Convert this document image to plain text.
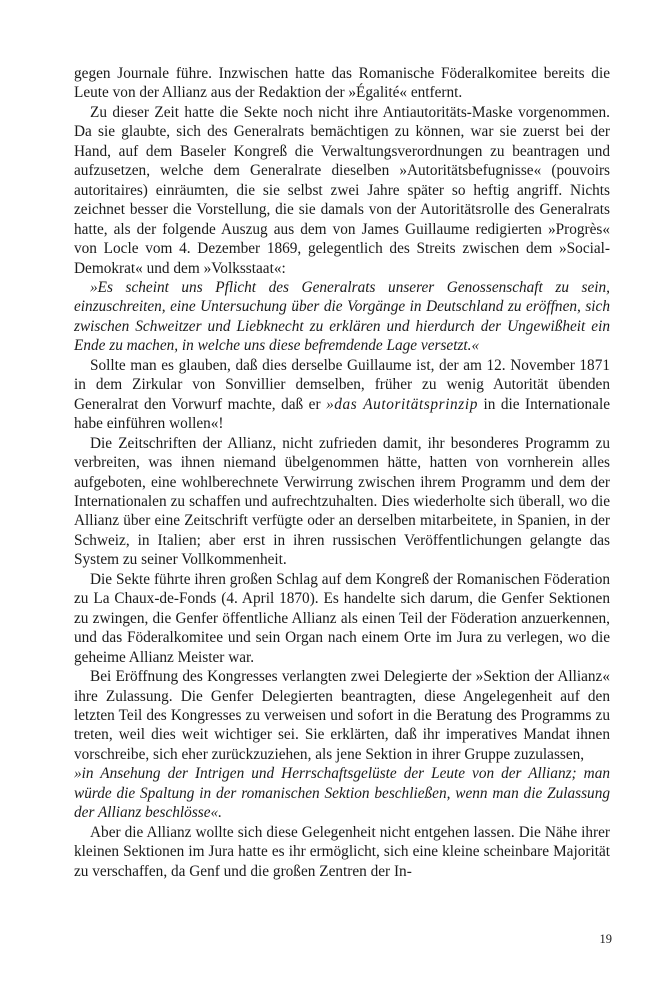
gegen Journale führe. Inzwischen hatte das Romanische Föderalkomitee bereits die Leute von der Allianz aus der Redaktion der »Égalité« entfernt.

Zu dieser Zeit hatte die Sekte noch nicht ihre Antiautoritäts-Maske vorgenommen. Da sie glaubte, sich des Generalrats bemächtigen zu können, war sie zuerst bei der Hand, auf dem Baseler Kongreß die Verwaltungsverordnungen zu beantragen und aufzusetzen, welche dem Generalrate dieselben »Autoritätsbefugnisse« (pouvoirs autoritaires) einräumten, die sie selbst zwei Jahre später so heftig angriff. Nichts zeichnet besser die Vorstellung, die sie damals von der Autoritätsrolle des Generalrats hatte, als der folgende Auszug aus dem von James Guillaume redigierten »Progrès« von Locle vom 4. Dezember 1869, gelegentlich des Streits zwischen dem »Social-Demokrat« und dem »Volksstaat«:

»Es scheint uns Pflicht des Generalrats unserer Genossenschaft zu sein, einzuschreiten, eine Untersuchung über die Vorgänge in Deutschland zu eröffnen, sich zwischen Schweitzer und Liebknecht zu erklären und hierdurch der Ungewißheit ein Ende zu machen, in welche uns diese befremdende Lage versetzt.«

Sollte man es glauben, daß dies derselbe Guillaume ist, der am 12. November 1871 in dem Zirkular von Sonvillier demselben, früher zu wenig Autorität übenden Generalrat den Vorwurf machte, daß er »das Autoritätsprinzip in die Internationale habe einführen wollen«!

Die Zeitschriften der Allianz, nicht zufrieden damit, ihr besonderes Programm zu verbreiten, was ihnen niemand übelgenommen hätte, hatten von vornherein alles aufgeboten, eine wohlberechnete Verwirrung zwischen ihrem Programm und dem der Internationalen zu schaffen und aufrechtzuhalten. Dies wiederholte sich überall, wo die Allianz über eine Zeitschrift verfügte oder an derselben mitarbeitete, in Spanien, in der Schweiz, in Italien; aber erst in ihren russischen Veröffentlichungen gelangte das System zu seiner Vollkommenheit.

Die Sekte führte ihren großen Schlag auf dem Kongreß der Romanischen Föderation zu La Chaux-de-Fonds (4. April 1870). Es handelte sich darum, die Genfer Sektionen zu zwingen, die Genfer öffentliche Allianz als einen Teil der Föderation anzuerkennen, und das Föderalkomitee und sein Organ nach einem Orte im Jura zu verlegen, wo die geheime Allianz Meister war.

Bei Eröffnung des Kongresses verlangten zwei Delegierte der »Sektion der Allianz« ihre Zulassung. Die Genfer Delegierten beantragten, diese Angelegenheit auf den letzten Teil des Kongresses zu verweisen und sofort in die Beratung des Programms zu treten, weil dies weit wichtiger sei. Sie erklärten, daß ihr imperatives Mandat ihnen vorschreibe, sich eher zurückzuziehen, als jene Sektion in ihrer Gruppe zuzulassen,

»in Ansehung der Intrigen und Herrschaftsgelüste der Leute von der Allianz; man würde die Spaltung in der romanischen Sektion beschließen, wenn man die Zulassung der Allianz beschlösse«.

Aber die Allianz wollte sich diese Gelegenheit nicht entgehen lassen. Die Nähe ihrer kleinen Sektionen im Jura hatte es ihr ermöglicht, sich eine kleine scheinbare Majorität zu verschaffen, da Genf und die großen Zentren der In-

19
